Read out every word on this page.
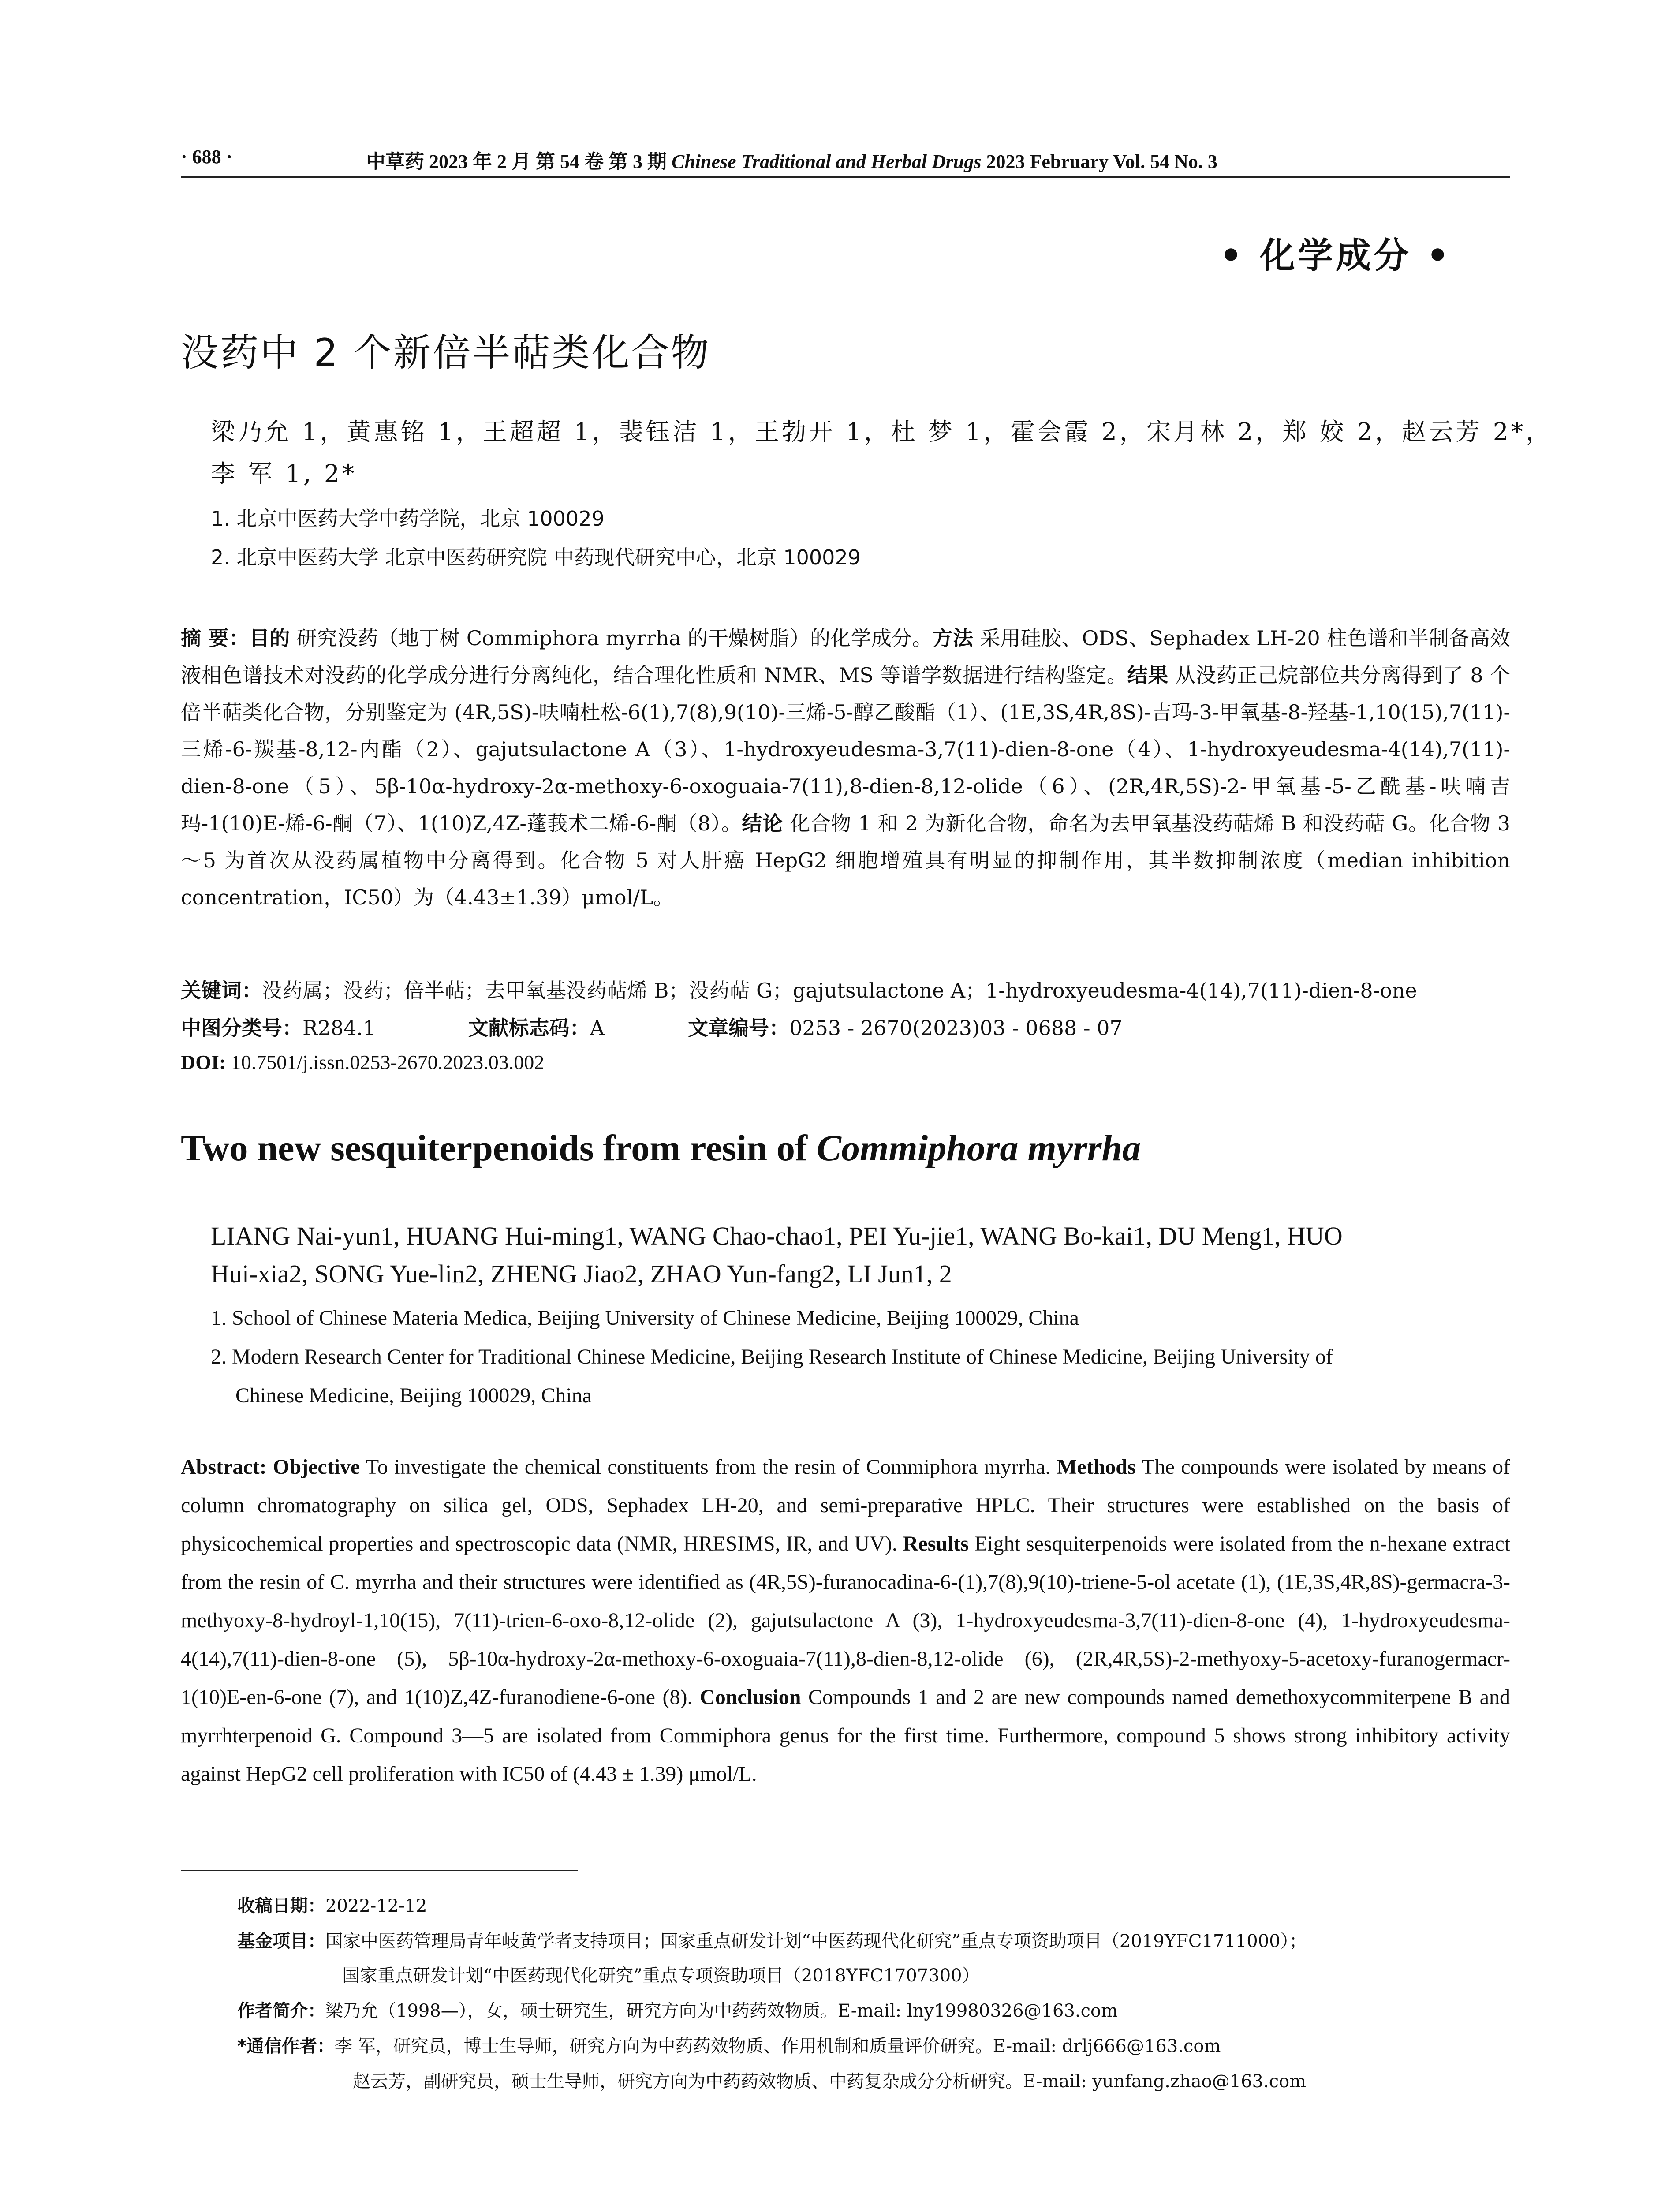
· 688 ·	中草药 2023 年 2 月 第 54 卷 第 3 期 Chinese Traditional and Herbal Drugs 2023 February Vol. 54 No. 3
• 化学成分 •
没药中 2 个新倍半萜类化合物
梁乃允 1，黄惠铭 1，王超超 1，裴钰洁 1，王勃开 1，杜 梦 1，霍会霞 2，宋月林 2，郑 姣 2，赵云芳 2*，
李 军 1, 2*
1. 北京中医药大学中药学院，北京 100029
2. 北京中医药大学 北京中医药研究院 中药现代研究中心，北京 100029
摘 要：目的 研究没药（地丁树 Commiphora myrrha 的干燥树脂）的化学成分。方法 采用硅胶、ODS、Sephadex LH-20 柱色谱和半制备高效液相色谱技术对没药的化学成分进行分离纯化，结合理化性质和 NMR、MS 等谱学数据进行结构鉴定。结果 从没药正己烷部位共分离得到了 8 个倍半萜类化合物，分别鉴定为 (4R,5S)-呋喃杜松-6(1),7(8),9(10)-三烯-5-醇乙酸酯（1）、(1E,3S,4R,8S)-吉玛-3-甲氧基-8-羟基-1,10(15),7(11)-三烯-6-羰基-8,12-内酯（2）、gajutsulactone A（3）、1-hydroxyeudesma-3,7(11)-dien-8-one（4）、1-hydroxyeudesma-4(14),7(11)-dien-8-one（5）、5β-10α-hydroxy-2α-methoxy-6-oxoguaia-7(11),8-dien-8,12-olide（6）、(2R,4R,5S)-2-甲氧基-5-乙酰基-呋喃吉玛-1(10)E-烯-6-酮（7）、1(10)Z,4Z-蓬莪术二烯-6-酮（8）。结论 化合物 1 和 2 为新化合物，命名为去甲氧基没药萜烯 B 和没药萜 G。化合物 3～5 为首次从没药属植物中分离得到。化合物 5 对人肝癌 HepG2 细胞增殖具有明显的抑制作用，其半数抑制浓度（median inhibition concentration，IC50）为（4.43±1.39）μmol/L。
关键词：没药属；没药；倍半萜；去甲氧基没药萜烯 B；没药萜 G；gajutsulactone A；1-hydroxyeudesma-4(14),7(11)-dien-8-one
中图分类号：R284.1	文献标志码：A	文章编号：0253 - 2670(2023)03 - 0688 - 07
DOI: 10.7501/j.issn.0253-2670.2023.03.002
Two new sesquiterpenoids from resin of Commiphora myrrha
LIANG Nai-yun1, HUANG Hui-ming1, WANG Chao-chao1, PEI Yu-jie1, WANG Bo-kai1, DU Meng1, HUO
Hui-xia2, SONG Yue-lin2, ZHENG Jiao2, ZHAO Yun-fang2, LI Jun1, 2
1. School of Chinese Materia Medica, Beijing University of Chinese Medicine, Beijing 100029, China
2. Modern Research Center for Traditional Chinese Medicine, Beijing Research Institute of Chinese Medicine, Beijing University of
Chinese Medicine, Beijing 100029, China
Abstract: Objective To investigate the chemical constituents from the resin of Commiphora myrrha. Methods The compounds were isolated by means of column chromatography on silica gel, ODS, Sephadex LH-20, and semi-preparative HPLC. Their structures were established on the basis of physicochemical properties and spectroscopic data (NMR, HRESIMS, IR, and UV). Results Eight sesquiterpenoids were isolated from the n-hexane extract from the resin of C. myrrha and their structures were identified as (4R,5S)-furanocadina-6-(1),7(8),9(10)-triene-5-ol acetate (1), (1E,3S,4R,8S)-germacra-3-methyoxy-8-hydroyl-1,10(15), 7(11)-trien-6-oxo-8,12-olide (2), gajutsulactone A (3), 1-hydroxyeudesma-3,7(11)-dien-8-one (4), 1-hydroxyeudesma-4(14),7(11)-dien-8-one (5), 5β-10α-hydroxy-2α-methoxy-6-oxoguaia-7(11),8-dien-8,12-olide (6), (2R,4R,5S)-2-methyoxy-5-acetoxy-furanogermacr-1(10)E-en-6-one (7), and 1(10)Z,4Z-furanodiene-6-one (8). Conclusion Compounds 1 and 2 are new compounds named demethoxycommiterpene B and myrrhterpenoid G. Compound 3—5 are isolated from Commiphora genus for the first time. Furthermore, compound 5 shows strong inhibitory activity against HepG2 cell proliferation with IC50 of (4.43 ± 1.39) μmol/L.
收稿日期：2022-12-12
基金项目：国家中医药管理局青年岐黄学者支持项目；国家重点研发计划“中医药现代化研究”重点专项资助项目（2019YFC1711000）；
国家重点研发计划“中医药现代化研究”重点专项资助项目（2018YFC1707300）
作者简介：梁乃允（1998—），女，硕士研究生，研究方向为中药药效物质。E-mail: lny19980326@163.com
*通信作者：李 军，研究员，博士生导师，研究方向为中药药效物质、作用机制和质量评价研究。E-mail: drlj666@163.com
赵云芳，副研究员，硕士生导师，研究方向为中药药效物质、中药复杂成分分析研究。E-mail: yunfang.zhao@163.com
